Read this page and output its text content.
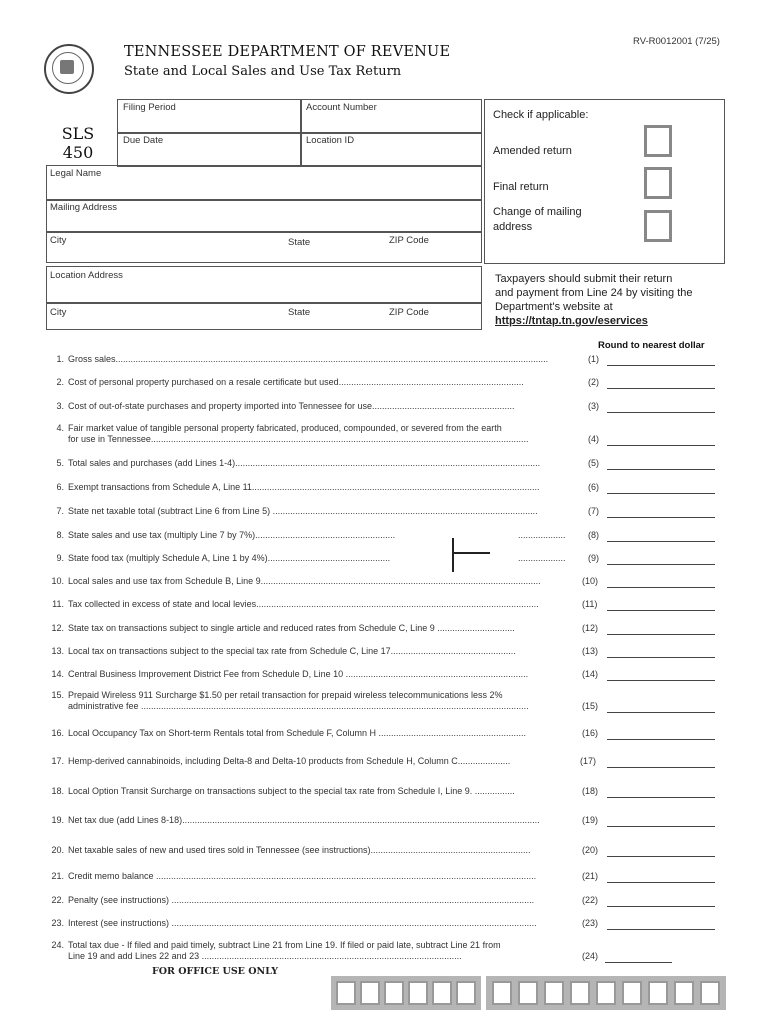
TENNESSEE DEPARTMENT OF REVENUE
State and Local Sales and Use Tax Return
RV-R0012001 (7/25)
SLS
450
Filing Period	Account Number
Due Date	Location ID
Legal Name
Mailing Address
City	State	ZIP Code
Location Address
City	State	ZIP Code
Check if applicable:
Amended return
Final return
Change of mailing
address
Taxpayers should submit their return
and payment from Line 24 by visiting the
Department's website at
https://tntap.tn.gov/eservices
Round to nearest dollar
1. Gross sales.............................................................................................................................................................................	(1)
2. Cost of personal property purchased on a resale certificate but used..........................................................................	(2)
3. Cost of out-of-state purchases and property imported into Tennessee for use.........................................................	(3)
4. Fair market value of tangible personal property fabricated, produced, compounded, or severed from the earth
for use in Tennessee.......................................................................................................................................................	(4)
5. Total sales and purchases (add Lines 1-4)..........................................................................................................................	(5)
6. Exempt transactions from Schedule A, Line 11...................................................................................................................	(6)
7. State net taxable total (subtract Line 6 from Line 5) ..........................................................................................................	(7)
8. State sales and use tax (multiply Line 7 by 7%)........................................................	................... (8)
9. State food tax (multiply Schedule A, Line 1 by 4%).................................................	................... (9)
10. Local sales and use tax from Schedule B, Line 9................................................................................................................	(10)
11. Tax collected in excess of state and local levies.................................................................................................................	(11)
12. State tax on transactions subject to single article and reduced rates from Schedule C, Line 9 ...............................	(12)
13. Local tax on transactions subject to the special tax rate from Schedule C, Line 17..................................................	(13)
14. Central Business Improvement District Fee from Schedule D, Line 10 .........................................................................	(14)
15. Prepaid Wireless 911 Surcharge $1.50 per retail transaction for prepaid wireless telecommunications less 2%
administrative fee ...........................................................................................................................................................	(15)
16. Local Occupancy Tax on Short-term Rentals total from Schedule F, Column H ...........................................................	(16)
17. Hemp-derived cannabinoids, including Delta-8 and Delta-10 products from Schedule H, Column C.....................	(17)
18. Local Option Transit Surcharge on transactions subject to the special tax rate from Schedule I, Line 9. ................	(18)
19. Net tax due (add Lines 8-18)...............................................................................................................................................	(19)
20. Net taxable sales of new and used tires sold in Tennessee (see instructions)................................................................	(20)
21. Credit memo balance ........................................................................................................................................................	(21)
22. Penalty (see instructions) .................................................................................................................................................	(22)
23. Interest (see instructions) ..................................................................................................................................................	(23)
24. Total tax due - If filed and paid timely, subtract Line 21 from Line 19. If filed or paid late, subtract Line 21 from
Line 19 and add Lines 22 and 23 ........................................................................................................	(24)
FOR OFFICE USE ONLY
